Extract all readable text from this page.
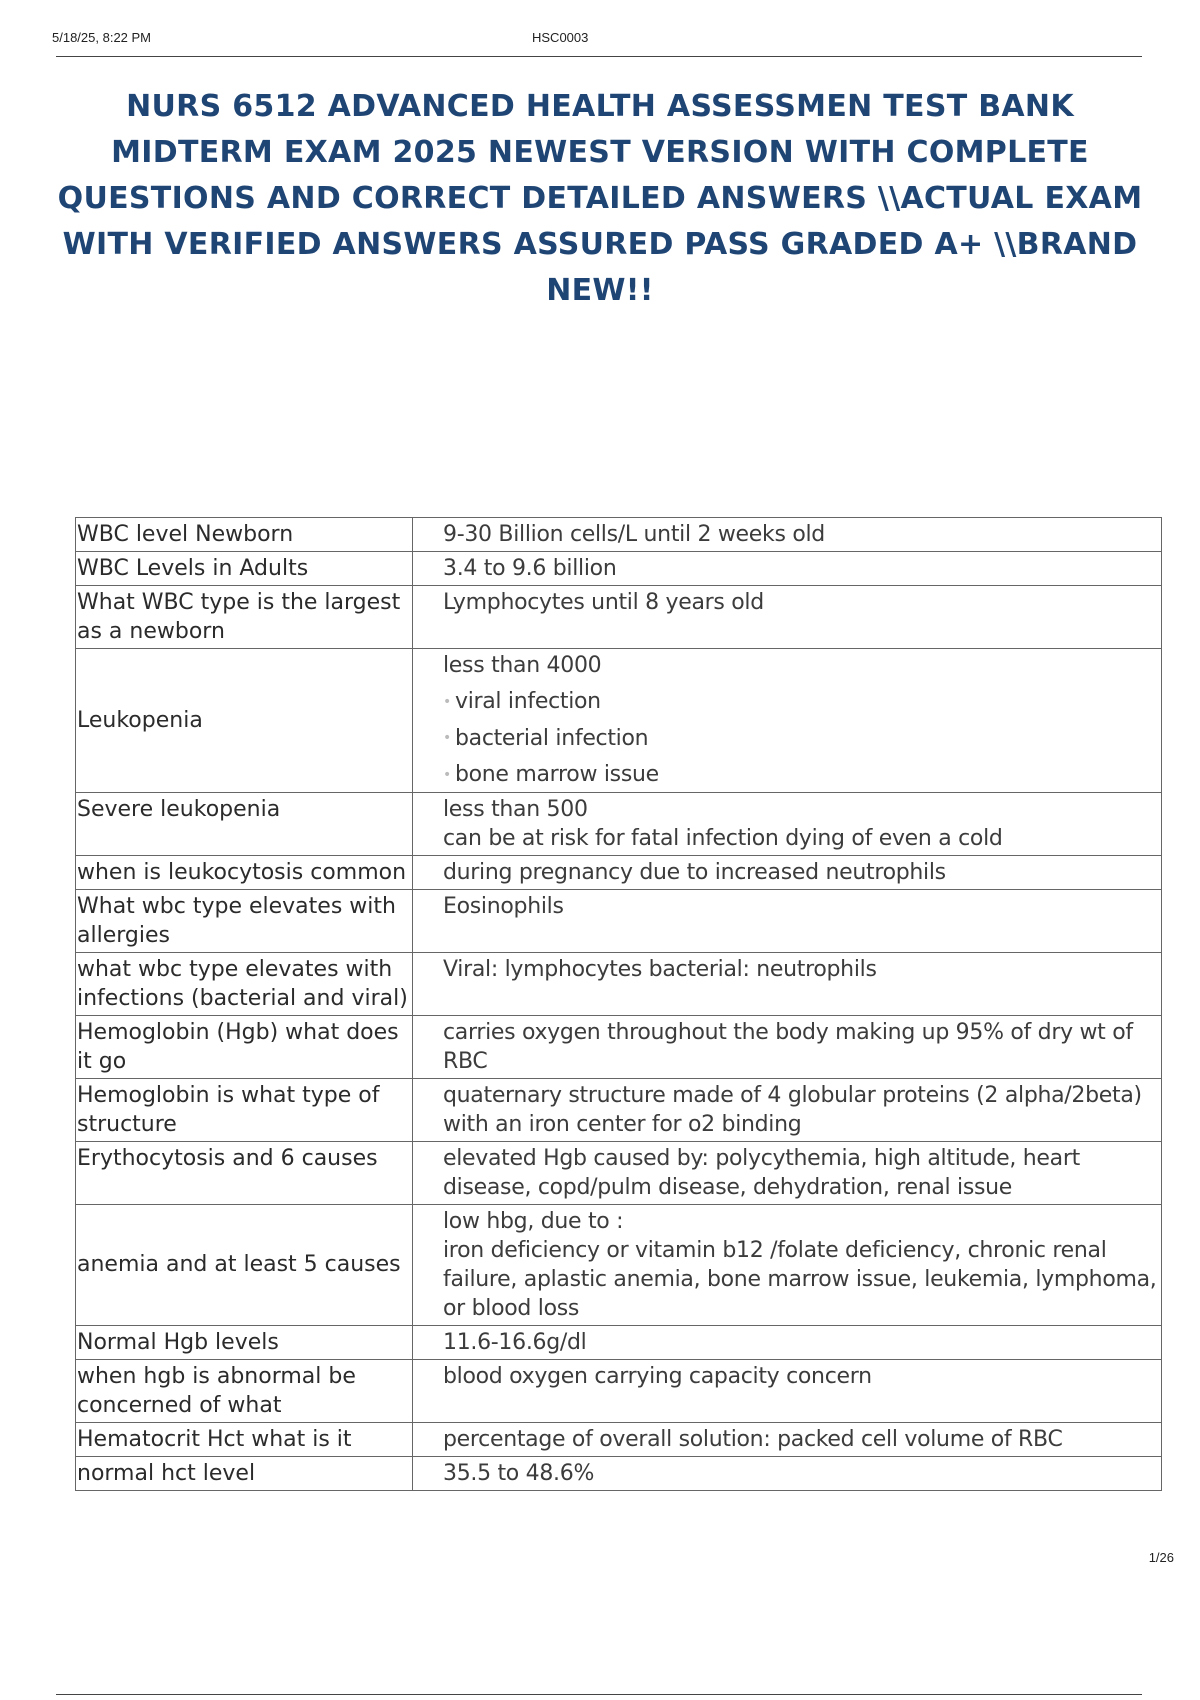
5/18/25, 8:22 PM	HSC0003
NURS 6512 ADVANCED HEALTH ASSESSMEN TEST BANK
MIDTERM EXAM 2025 NEWEST VERSION WITH COMPLETE
QUESTIONS AND CORRECT DETAILED ANSWERS \\ACTUAL EXAM
WITH VERIFIED ANSWERS ASSURED PASS GRADED A+ \\BRAND
NEW!!
WBC level Newborn	9-30 Billion cells/L until 2 weeks old

WBC Levels in Adults	3.4 to 9.6 billion

What WBC type is the largest as a newborn	Lymphocytes until 8 years old

Leukopenia	less than 4000
• viral infection
• bacterial infection
• bone marrow issue

Severe leukopenia	less than 500
can be at risk for fatal infection dying of even a cold

when is leukocytosis common	during pregnancy due to increased neutrophils

What wbc type elevates with allergies	Eosinophils

what wbc type elevates with infections (bacterial and viral)	Viral: lymphocytes bacterial: neutrophils

Hemoglobin (Hgb) what does it go	carries oxygen throughout the body making up 95% of dry wt of RBC

Hemoglobin is what type of structure	quaternary structure made of 4 globular proteins (2 alpha/2beta) with an iron center for o2 binding

Erythocytosis and 6 causes	elevated Hgb caused by: polycythemia, high altitude, heart disease, copd/pulm disease, dehydration, renal issue

anemia and at least 5 causes	low hbg, due to :
iron deficiency or vitamin b12 /folate deficiency, chronic renal failure, aplastic anemia, bone marrow issue, leukemia, lymphoma, or blood loss

Normal Hgb levels	11.6-16.6g/dl

when hgb is abnormal be concerned of what	blood oxygen carrying capacity concern

Hematocrit Hct what is it	percentage of overall solution: packed cell volume of RBC

normal hct level	35.5 to 48.6%
1/26
